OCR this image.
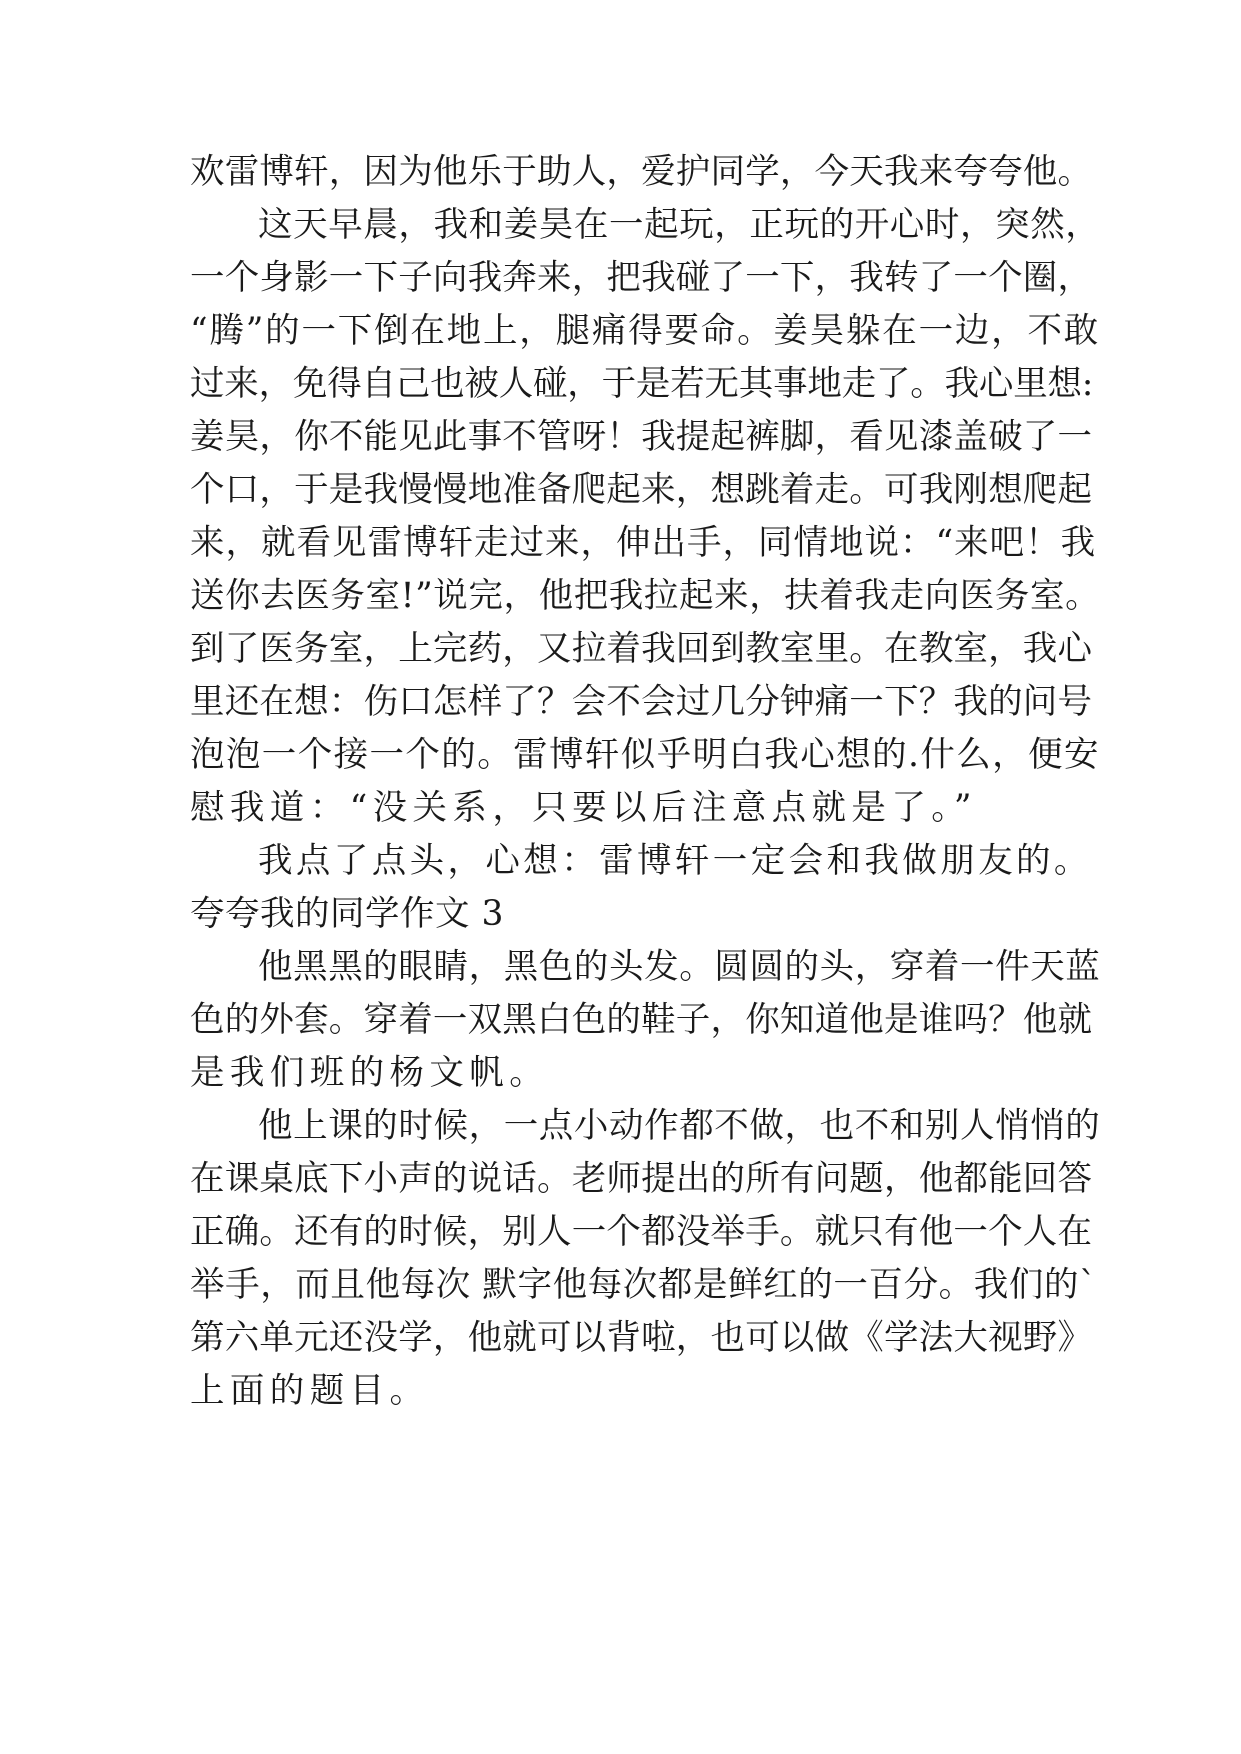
欢雷博轩，因为他乐于助人，爱护同学，今天我来夸夸他。

这天早晨，我和姜昊在一起玩，正玩的开心时，突然，

一个身影一下子向我奔来，把我碰了一下，我转了一个圈，

“腾”的一下倒在地上，腿痛得要命。姜昊躲在一边，不敢

过来，免得自己也被人碰，于是若无其事地走了。我心里想:

姜昊，你不能见此事不管呀！我提起裤脚，看见漆盖破了一

个口，于是我慢慢地准备爬起来，想跳着走。可我刚想爬起

来，就看见雷博轩走过来，伸出手，同情地说：“来吧！我

送你去医务室!”说完，他把我拉起来，扶着我走向医务室。

到了医务室，上完药，又拉着我回到教室里。在教室，我心

里还在想：伤口怎样了？会不会过几分钟痛一下？我的问号

泡泡一个接一个的。雷博轩似乎明白我心想的.什么，便安

慰我道：“没关系，只要以后注意点就是了。”

我点了点头，心想：雷博轩一定会和我做朋友的。

夸夸我的同学作文 3

他黑黑的眼睛，黑色的头发。圆圆的头，穿着一件天蓝

色的外套。穿着一双黑白色的鞋子，你知道他是谁吗？他就

是我们班的杨文帆。

他上课的时候，一点小动作都不做，也不和别人悄悄的

在课桌底下小声的说话。老师提出的所有问题，他都能回答

正确。还有的时候，别人一个都没举手。就只有他一个人在

举手，而且他每次 默字他每次都是鲜红的一百分。我们的`

第六单元还没学，他就可以背啦，也可以做《学法大视野》

上面的题目。
